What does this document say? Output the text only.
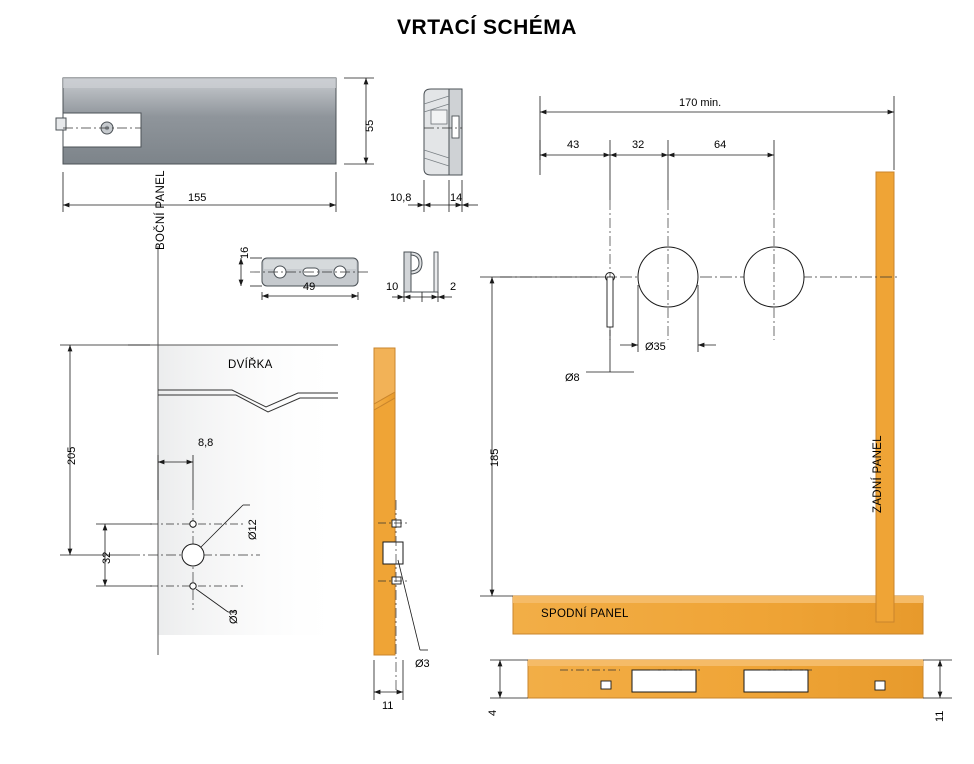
VRTACÍ SCHÉMA
155
55
10,8	14
49
16
10	2
BOČNÍ PANEL
DVÍŘKA
ZADNÍ PANEL
SPODNÍ PANEL
205
8,8
32
Ø12
Ø3
Ø3
11
170 min.
43	32	64
185
Ø8
Ø35
4	11
